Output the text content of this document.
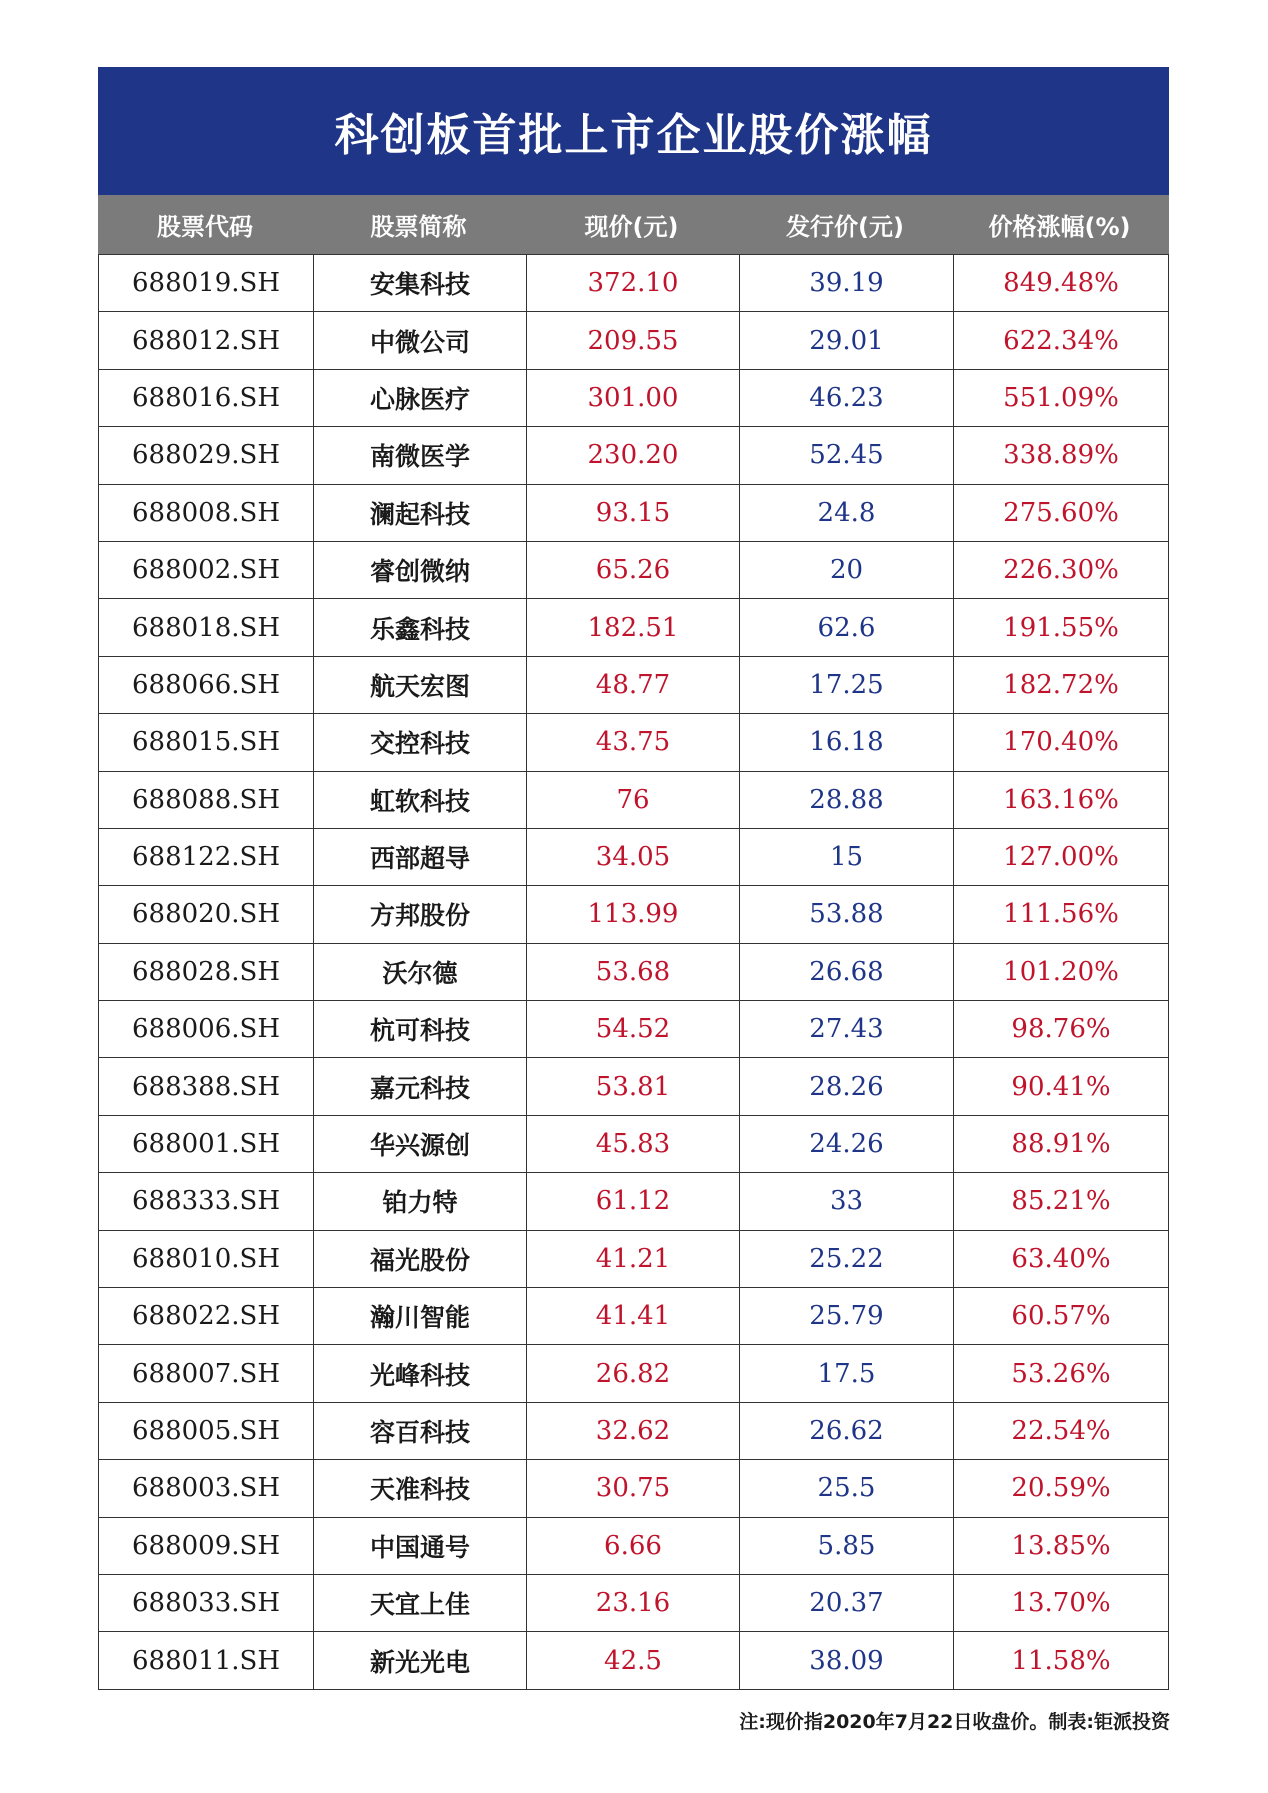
科创板首批上市企业股价涨幅
股票代码	股票简称	现价(元)	发行价(元)	价格涨幅(%)
688019.SH	安集科技	372.10	39.19	849.48%
688012.SH	中微公司	209.55	29.01	622.34%
688016.SH	心脉医疗	301.00	46.23	551.09%
688029.SH	南微医学	230.20	52.45	338.89%
688008.SH	澜起科技	93.15	24.8	275.60%
688002.SH	睿创微纳	65.26	20	226.30%
688018.SH	乐鑫科技	182.51	62.6	191.55%
688066.SH	航天宏图	48.77	17.25	182.72%
688015.SH	交控科技	43.75	16.18	170.40%
688088.SH	虹软科技	76	28.88	163.16%
688122.SH	西部超导	34.05	15	127.00%
688020.SH	方邦股份	113.99	53.88	111.56%
688028.SH	沃尔德	53.68	26.68	101.20%
688006.SH	杭可科技	54.52	27.43	98.76%
688388.SH	嘉元科技	53.81	28.26	90.41%
688001.SH	华兴源创	45.83	24.26	88.91%
688333.SH	铂力特	61.12	33	85.21%
688010.SH	福光股份	41.21	25.22	63.40%
688022.SH	瀚川智能	41.41	25.79	60.57%
688007.SH	光峰科技	26.82	17.5	53.26%
688005.SH	容百科技	32.62	26.62	22.54%
688003.SH	天准科技	30.75	25.5	20.59%
688009.SH	中国通号	6.66	5.85	13.85%
688033.SH	天宜上佳	23.16	20.37	13.70%
688011.SH	新光光电	42.5	38.09	11.58%
注:现价指2020年7月22日收盘价。制表:钜派投资
